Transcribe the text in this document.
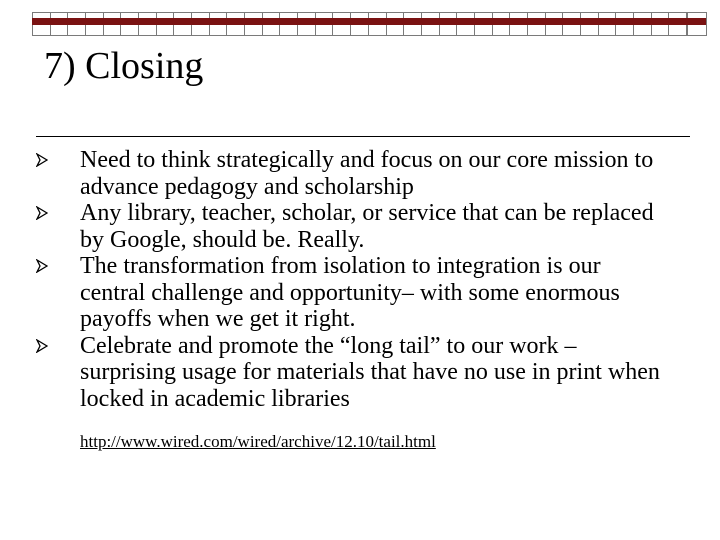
7) Closing
Need to think strategically and focus on our core mission to advance pedagogy and scholarship
Any library, teacher, scholar, or service that can be replaced by Google, should be. Really.
The transformation from isolation to integration is our central challenge and opportunity– with some enormous payoffs when we get it right.
Celebrate and promote the “long tail” to our work – surprising usage for materials that have no use in print when locked in academic libraries
http://www.wired.com/wired/archive/12.10/tail.html
